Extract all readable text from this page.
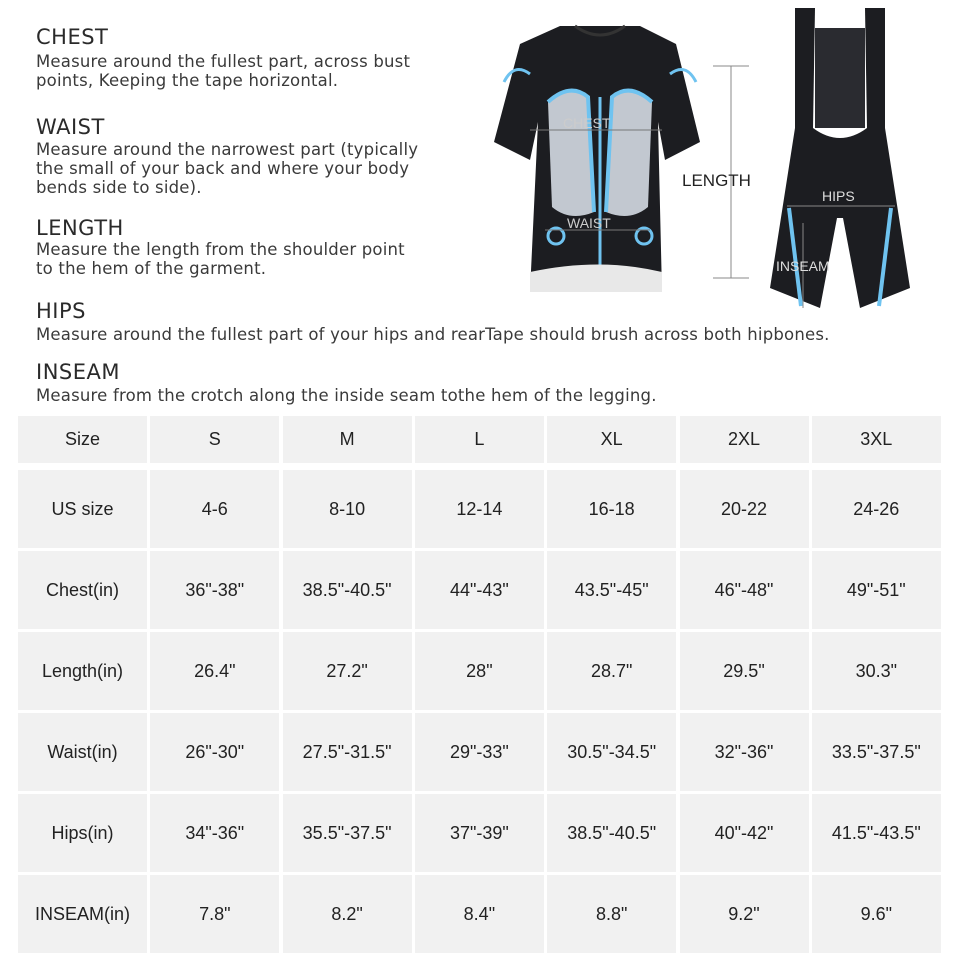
CHEST

Measure around the fullest part, across bust
points, Keeping the tape horizontal.

WAIST

Measure around the narrowest part (typically
the small of your back and where your body
bends side to side).

LENGTH

Measure the length from the shoulder point
to the hem of the garment.

HIPS

Measure around the fullest part of your hips and rearTape should brush across both hipbones.

INSEAM

Measure from the crotch along the inside seam tothe hem of the legging.

CHEST
WAIST
LENGTH
HIPS
INSEAM
Size	S	M	L	XL	2XL	3XL
US size	4-6	8-10	12-14	16-18	20-22	24-26
Chest(in)	36"-38"	38.5"-40.5"	44"-43"	43.5"-45"	46"-48"	49"-51"
Length(in)	26.4"	27.2"	28"	28.7"	29.5"	30.3"
Waist(in)	26"-30"	27.5"-31.5"	29"-33"	30.5"-34.5"	32"-36"	33.5"-37.5"
Hips(in)	34"-36"	35.5"-37.5"	37"-39"	38.5"-40.5"	40"-42"	41.5"-43.5"
INSEAM(in)	7.8"	8.2"	8.4"	8.8"	9.2"	9.6"
